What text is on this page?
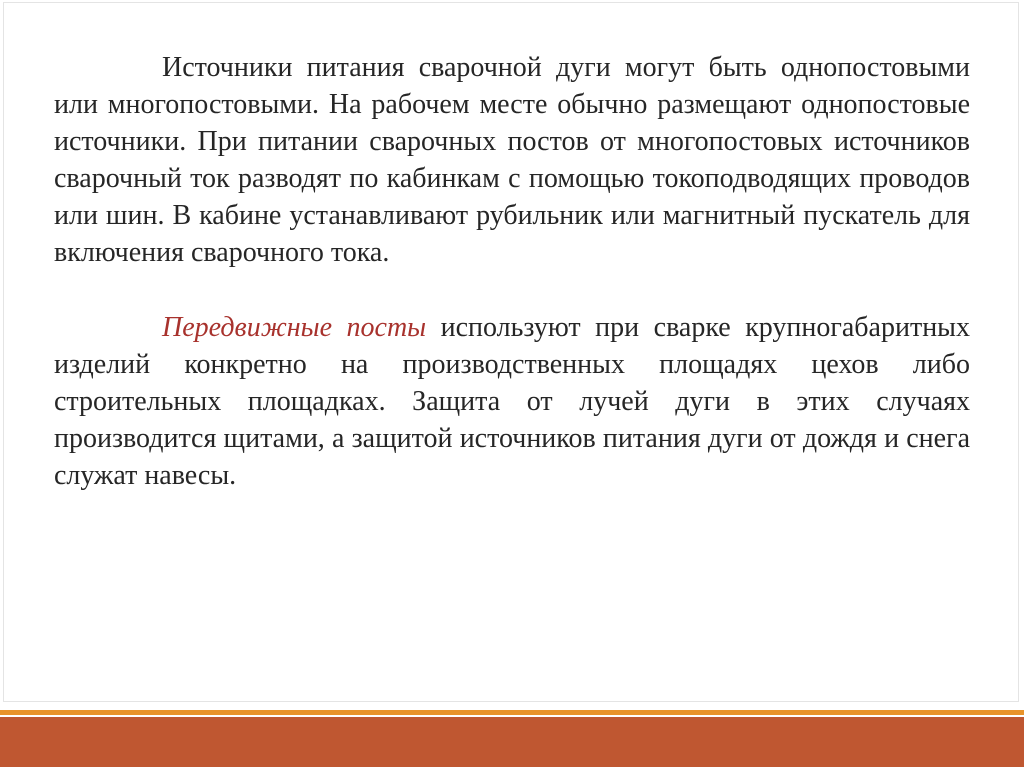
Источники питания сварочной дуги могут быть однопостовыми или многопостовыми. На рабочем месте обычно размещают однопостовые источники. При питании сварочных постов от многопостовых источников сварочный ток разводят по кабинкам с помощью токоподводящих проводов или шин. В кабине устанавливают рубильник или магнитный пускатель для включения сварочного тока.

Передвижные посты используют при сварке крупногабаритных изделий конкретно на производственных площадях цехов либо строительных площадках. Защита от лучей дуги в этих случаях производится щитами, а защитой источников питания дуги от дождя и снега служат навесы.
